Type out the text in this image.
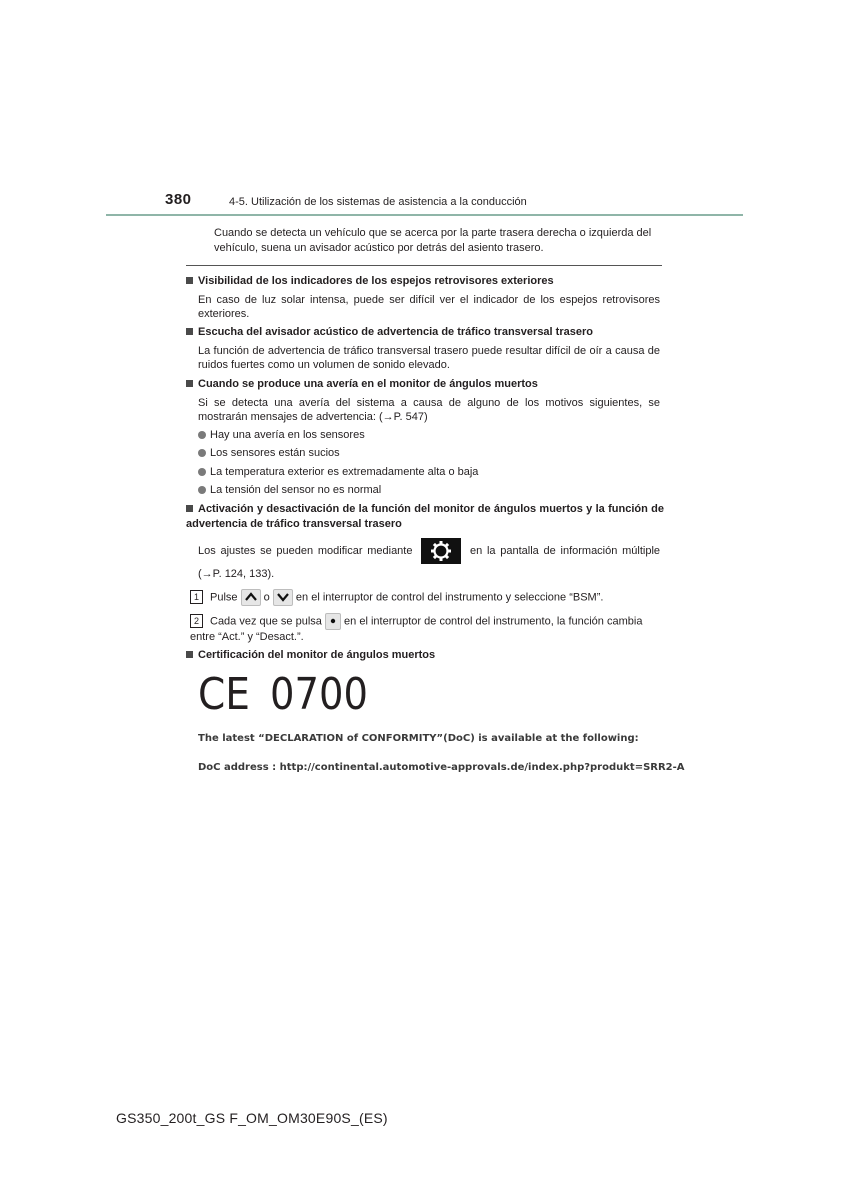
380	4-5. Utilización de los sistemas de asistencia a la conducción
Cuando se detecta un vehículo que se acerca por la parte trasera derecha o izquierda del vehículo, suena un avisador acústico por detrás del asiento trasero.
Visibilidad de los indicadores de los espejos retrovisores exteriores
En caso de luz solar intensa, puede ser difícil ver el indicador de los espejos retrovisores exteriores.
Escucha del avisador acústico de advertencia de tráfico transversal trasero
La función de advertencia de tráfico transversal trasero puede resultar difícil de oír a causa de ruidos fuertes como un volumen de sonido elevado.
Cuando se produce una avería en el monitor de ángulos muertos
Si se detecta una avería del sistema a causa de alguno de los motivos siguientes, se mostrarán mensajes de advertencia: (→P. 547)
Hay una avería en los sensores
Los sensores están sucios
La temperatura exterior es extremadamente alta o baja
La tensión del sensor no es normal
Activación y desactivación de la función del monitor de ángulos muertos y la función de advertencia de tráfico transversal trasero
Los ajustes se pueden modificar mediante	en la pantalla de información múltiple (→P. 124, 133).
1 Pulse o en el interruptor de control del instrumento y seleccione “BSM”.
2 Cada vez que se pulsa en el interruptor de control del instrumento, la función cambia entre “Act.” y “Desact.”.
Certificación del monitor de ángulos muertos
CE 0700
The latest “DECLARATION of CONFORMITY”(DoC) is available at the following:
DoC address : http://continental.automotive-approvals.de/index.php?produkt=SRR2-A
GS350_200t_GS F_OM_OM30E90S_(ES)
